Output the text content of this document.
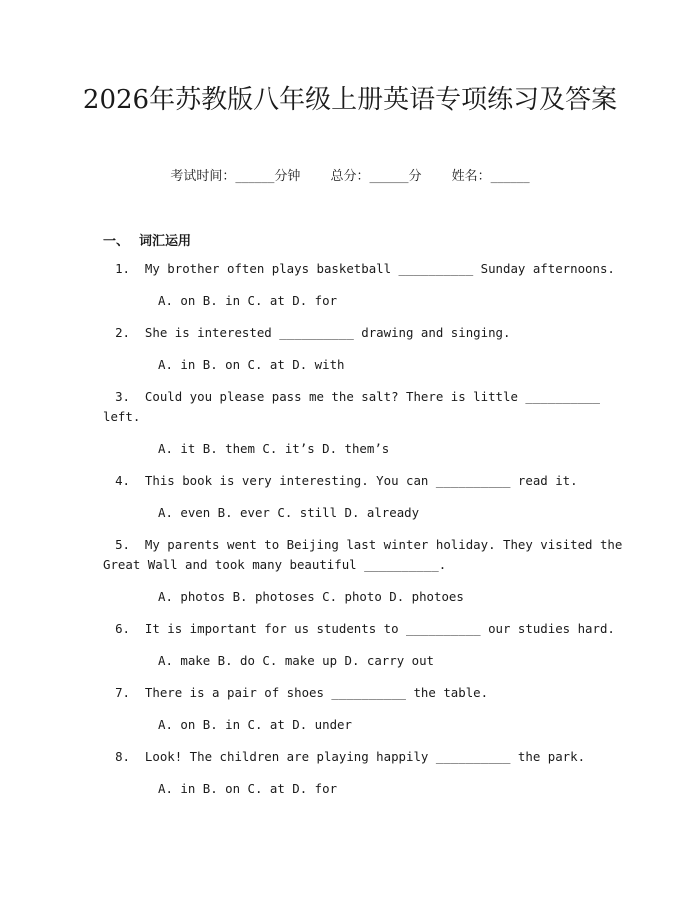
2026年苏教版八年级上册英语专项练习及答案
考试时间：______分钟 总分：______分 姓名：______
一、 词汇运用
1. My brother often plays basketball __________ Sunday afternoons.
A. on B. in C. at D. for
2. She is interested __________ drawing and singing.
A. in B. on C. at D. with
3. Could you please pass me the salt? There is little __________
left.
A. it B. them C. it’s D. them’s
4. This book is very interesting. You can __________ read it.
A. even B. ever C. still D. already
5. My parents went to Beijing last winter holiday. They visited the
Great Wall and took many beautiful __________.
A. photos B. photoses C. photo D. photoes
6. It is important for us students to __________ our studies hard.
A. make B. do C. make up D. carry out
7. There is a pair of shoes __________ the table.
A. on B. in C. at D. under
8. Look! The children are playing happily __________ the park.
A. in B. on C. at D. for
